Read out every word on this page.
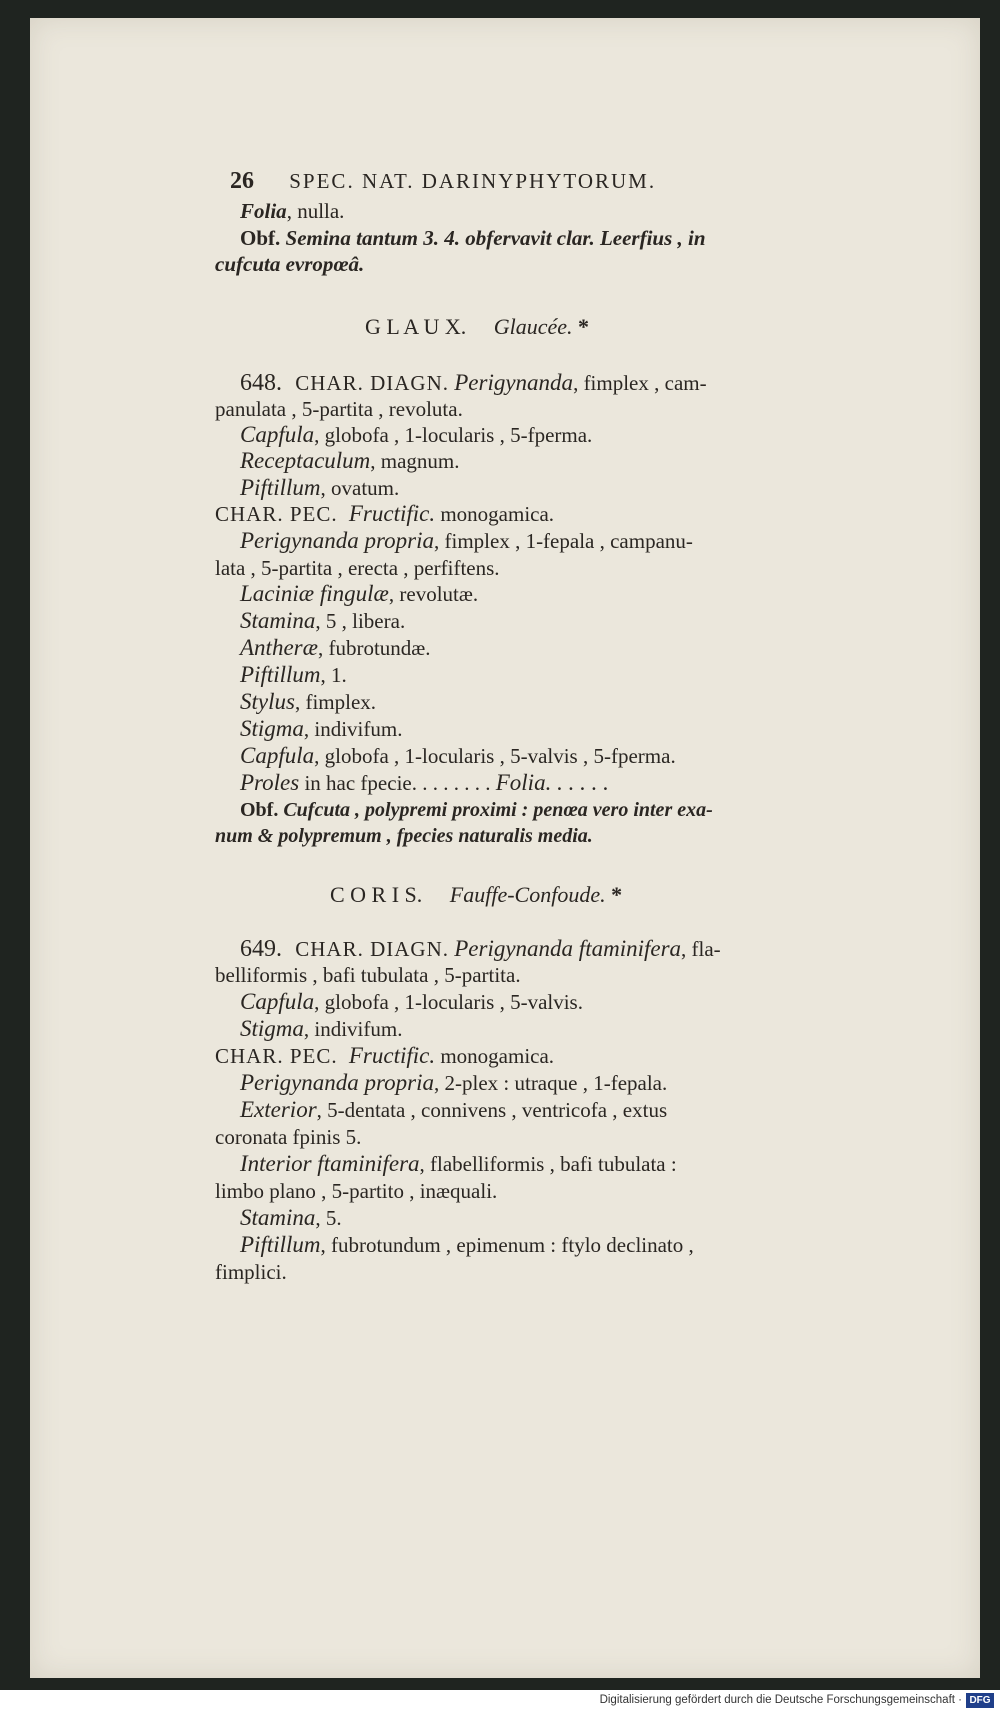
26 SPEC. NAT. DARINYPHYTORUM.
Folia, nulla.
Obf. Semina tantum 3. 4. obfervavit clar. Leerfius , in
cufcuta evropœâ.
G L A U X. Glaucée. *
648. CHAR. DIAGN. Perigynanda, fimplex , cam-
panulata , 5-partita , revoluta.
Capfula, globofa , 1-locularis , 5-fperma.
Receptaculum, magnum.
Piftillum, ovatum.
CHAR. PEC. Fructific. monogamica.
Perigynanda propria, fimplex , 1-fepala , campanu-
lata , 5-partita , erecta , perfiftens.
Laciniæ fingulæ, revolutæ.
Stamina, 5 , libera.
Antheræ, fubrotundæ.
Piftillum, 1.
Stylus, fimplex.
Stigma, indivifum.
Capfula, globofa , 1-locularis , 5-valvis , 5-fperma.
Proles in hac fpecie. . . . . . . . Folia. . . . . .
Obf. Cufcuta , polypremi proximi : penœa vero inter exa-
num & polypremum , fpecies naturalis media.
C O R I S. Fauffe-Confoude. *
649. CHAR. DIAGN. Perigynanda ftaminifera, fla-
belliformis , bafi tubulata , 5-partita.
Capfula, globofa , 1-locularis , 5-valvis.
Stigma, indivifum.
CHAR. PEC. Fructific. monogamica.
Perigynanda propria, 2-plex : utraque , 1-fepala.
Exterior, 5-dentata , connivens , ventricofa , extus
coronata fpinis 5.
Interior ftaminifera, flabelliformis , bafi tubulata :
limbo plano , 5-partito , inæquali.
Stamina, 5.
Piftillum, fubrotundum , epimenum : ftylo declinato ,
fimplici.
Digitalisierung gefördert durch die Deutsche Forschungsgemeinschaft · DFG
